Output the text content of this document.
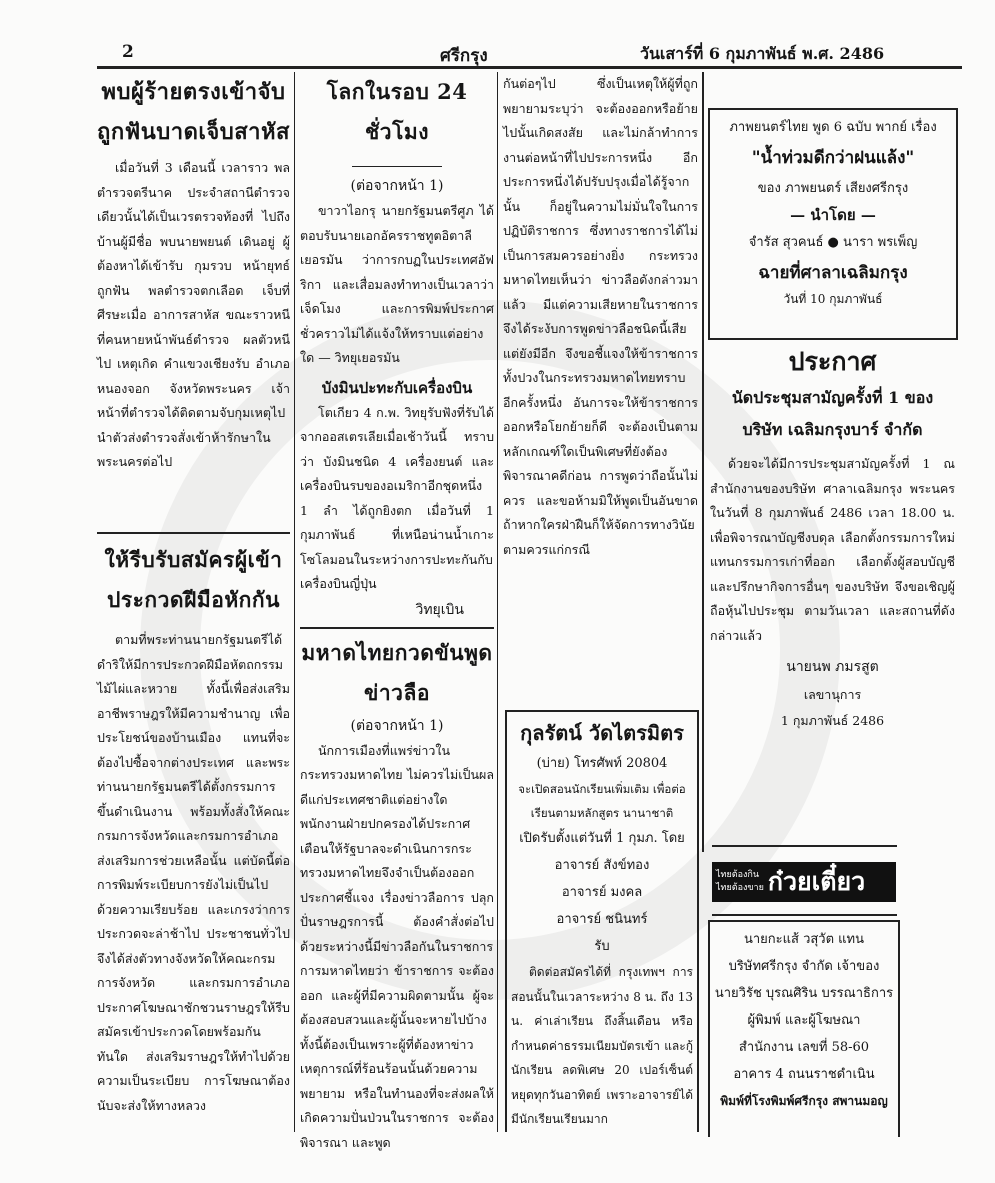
2	ศรีกรุง	วันเสาร์ที่ 6 กุมภาพันธ์ พ.ศ. 2486
พบผู้ร้ายตรงเข้าจับ ถูกฟันบาดเจ็บสาหัส

เมื่อวันที่ 3 เดือนนี้ เวลาราว พลตำรวจตรีนาค ประจำสถานีตำรวจเดียวนั้นได้เป็นเวรตรวจท้องที่ ไปถึงบ้านผู้มีชื่อ พบนายพยนต์ เดินอยู่ ผู้ต้องหาได้เข้ารับ กุมรวบ หน้ายุทธ์ ถูกฟัน พลตำรวจตกเลือด เจ็บที่ศีรษะเมื่อ อาการสาหัส ขณะราวหนีที่คนหายหน้าพันธ์ตำรวจ ผลตัวหนีไป เหตุเกิด คำแขวงเชียงรับ อำเภอหนองจอก จังหวัดพระนคร เจ้าหน้าที่ตำรวจได้ติดตามจับกุมเหตุไป นำตัวส่งตำรวจสั่งเข้าห้ารักษาใน พระนครต่อไป

ให้รีบรับสมัครผู้เข้า ประกวดฝีมือหักกัน

ตามที่พระท่านนายกรัฐมนตรีได้ดำริให้มีการประกวดฝีมือหัตถกรรมไม้ไผ่และหวาย ทั้งนี้เพื่อส่งเสริมอาชีพราษฎรให้มีความชำนาญ เพื่อประโยชน์ของบ้านเมือง แทนที่จะต้องไปซื้อจากต่างประเทศ และพระท่านนายกรัฐมนตรีได้ตั้งกรรมการขึ้นดำเนินงาน พร้อมทั้งสั่งให้คณะกรมการจังหวัดและกรมการอำเภอ ส่งเสริมการช่วยเหลือนั้น แต่บัดนี้ต่อการพิมพ์ระเบียบการยังไม่เป็นไปด้วยความเรียบร้อย และเกรงว่าการประกวดจะล่าช้าไป ประชาชนทั่วไปจึงได้ส่งตัวทางจังหวัดให้คณะกรมการจังหวัด และกรมการอำเภอประกาศโฆษณาชักชวนราษฎรให้รีบสมัครเข้าประกวดโดยพร้อมกันทันใด ส่งเสริมราษฎรให้ทำไปด้วยความเป็นระเบียบ การโฆษณาต้องนับจะส่งให้ทางหลวง

โลกในรอบ 24 ชั่วโมง
(ต่อจากหน้า 1)

ขาวาไอกรุ นายกรัฐมนตรีศูภ ได้ตอบรับนายเอกอัครราชทูตอิตาลี เยอรมัน ว่าการกบฏในประเทศอัฟริกา และเสื่อมลงทำทางเป็นเวลาว่าเจ็ดโมง และการพิมพ์ประกาศชั่วคราวไม่ได้แจ้งให้ทราบแต่อย่างใด — วิทยุเยอรมัน

บังมินปะทะกับเครื่องบิน

โตเกียว 4 ก.พ. วิทยุรับฟังที่รับได้จากออสเตรเลียเมื่อเช้าวันนี้ ทราบว่า บังมินชนิด 4 เครื่องยนต์ และเครื่องบินรบของอเมริกาอีกชุดหนึ่ง 1 ลำ ได้ถูกยิงตก เมื่อวันที่ 1 กุมภาพันธ์ ที่เหนือน่านน้ำเกาะโซโลมอนในระหว่างการปะทะกันกับเครื่องบินญี่ปุ่น

วิทยุเบิน
มหาดไทยกวดขันพูด ข่าวลือ
(ต่อจากหน้า 1)

นักการเมืองที่แพร่ข่าวในกระทรวงมหาดไทย ไม่ควรไม่เป็นผลดีแก่ประเทศชาติแต่อย่างใด พนักงานฝ่ายปกครองได้ประกาศเตือนให้รัฐบาลจะดำเนินการกระทรวงมหาดไทยจึงจำเป็นต้องออกประกาศชี้แจง เรื่องข่าวลือการ ปลุกปั่นราษฎรการนี้ ต้องคำสั่งต่อไป ด้วยระหว่างนี้มีข่าวลือกันในราชการการมหาดไทยว่า ข้าราชการ จะต้องออก และผู้ที่มีความผิดตามนั้น ผู้จะต้องสอบสวนและผู้นั้นจะหายไปบ้าง ทั้งนี้ต้องเป็นเพราะผู้ที่ต้องหาข่าวเหตุการณ์ที่ร้อนร้อนนั้นด้วยความพยายาม หรือในทำนองที่จะส่งผลให้เกิดความปั่นป่วนในราชการ จะต้องพิจารณา และพูด

กันต่อๆไป ซึ่งเป็นเหตุให้ผู้ที่ถูกพยายามระบุว่า จะต้องออกหรือย้ายไปนั้นเกิดสงสัย และไม่กล้าทำการงานต่อหน้าที่ไปประการหนึ่ง อีกประการหนึ่งได้ปรับปรุงเมื่อได้รู้จากนั้น ก็อยู่ในความไม่มั่นใจในการปฏิบัติราชการ ซึ่งทางราชการได้ไม่เป็นการสมควรอย่างยิ่ง กระทรวงมหาดไทยเห็นว่า ข่าวลือดังกล่าวมาแล้ว มีแต่ความเสียหายในราชการ จึงได้ระงับการพูดข่าวลือชนิดนี้เสีย แต่ยังมีอีก จึงขอชี้แจงให้ข้าราชการทั้งปวงในกระทรวงมหาดไทยทราบอีกครั้งหนึ่ง อันการจะให้ข้าราชการออกหรือโยกย้ายก็ดี จะต้องเป็นตามหลักเกณฑ์ใดเป็นพิเศษที่ยังต้องพิจารณาคดีก่อน การพูดว่าถือนั้นไม่ควร และขอห้ามมิให้พูดเป็นอันขาด ถ้าหากใครฝ่าฝืนก็ให้จัดการทางวินัยตามควรแก่กรณี

กุลรัตน์ วัดไตรมิตร
(บ่าย) โทรศัพท์ 20804
จะเปิดสอนนักเรียนเพิ่มเติม เพื่อต่อเรียนตามหลักสูตร นานาชาติ
เปิดรับตั้งแต่วันที่ 1 กุมภ. โดย
อาจารย์ สังข์ทอง
อาจารย์ มงคล
อาจารย์ ชนินทร์
รับ

ติดต่อสมัครได้ที่ กรุงเทพฯ การสอนนั้นในเวลาระหว่าง 8 น. ถึง 13 น. ค่าเล่าเรียน ถึงสิ้นเดือน หรือกำหนดค่าธรรมเนียมบัตรเข้า และกู้นักเรียน ลดพิเศษ 20 เปอร์เซ็นต์ หยุดทุกวันอาทิตย์ เพราะอาจารย์ได้มีนักเรียนเรียนมาก

ภาพยนตร์ไทย พูด 6 ฉบับ พากย์ เรื่อง
"น้ำท่วมดีกว่าฝนแล้ง"
ของ ภาพยนตร์ เสียงศรีกรุง
— นำโดย —
จำรัส สุวคนธ์ ● นารา พรเพ็ญ
ฉายที่ศาลาเฉลิมกรุง
วันที่ 10 กุมภาพันธ์
ประกาศ
นัดประชุมสามัญครั้งที่ 1 ของ
บริษัท เฉลิมกรุงบาร์ จำกัด

ด้วยจะได้มีการประชุมสามัญครั้งที่ 1 ณ สำนักงานของบริษัท ศาลาเฉลิมกรุง พระนคร ในวันที่ 8 กุมภาพันธ์ 2486 เวลา 18.00 น. เพื่อพิจารณาบัญชีงบดุล เลือกตั้งกรรมการใหม่แทนกรรมการเก่าที่ออก เลือกตั้งผู้สอบบัญชี และปรึกษากิจการอื่นๆ ของบริษัท จึงขอเชิญผู้ถือหุ้นไปประชุม ตามวันเวลา และสถานที่ดังกล่าวแล้ว

นายนพ ภมรสูต
เลขานุการ
1 กุมภาพันธ์ 2486
ไทยต้องกิน
ไทยต้องขาย ก๋วยเตี๋ยว
นายกะแส้ วสุวัต แทน
บริษัทศรีกรุง จำกัด เจ้าของ
นายวิรัช บุรณศิริน บรรณาธิการ
ผู้พิมพ์ และผู้โฆษณา
สำนักงาน เลขที่ 58-60
อาคาร 4 ถนนราชดำเนิน
พิมพ์ที่โรงพิมพ์ศรีกรุง สพานมอญ
